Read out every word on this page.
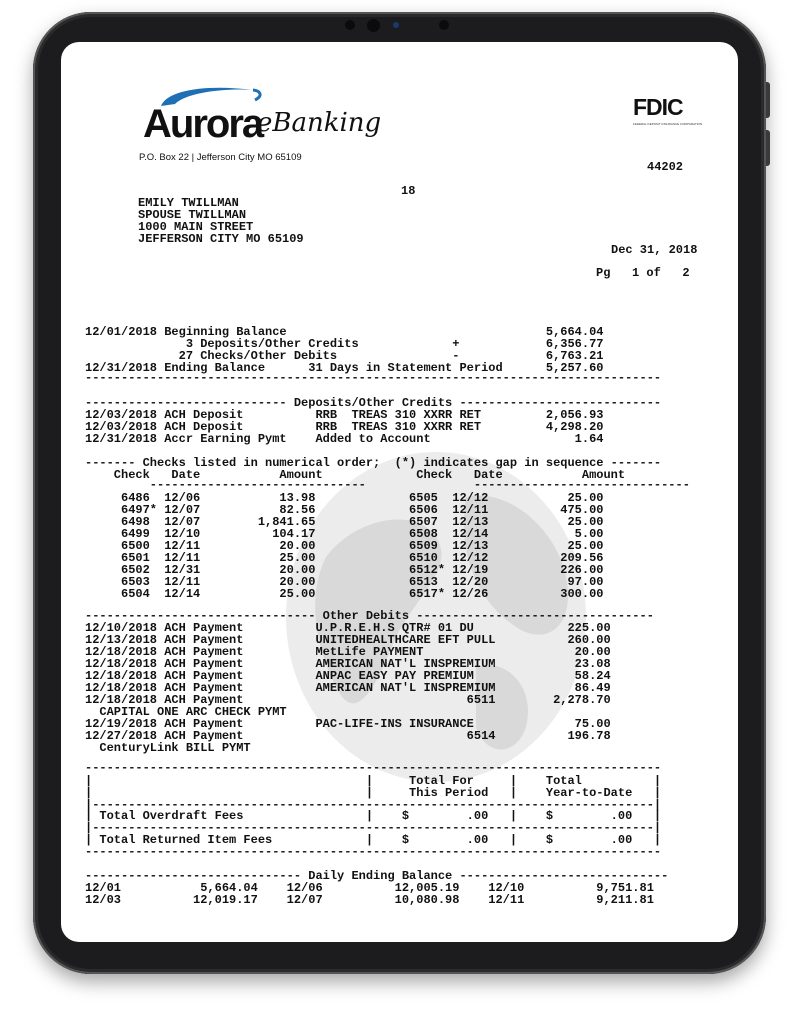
Aurora
eBanking
P.O. Box 22 | Jefferson City MO 65109
FDIC
FEDERAL DEPOSIT INSURANCE CORPORATION
44202
18
EMILY TWILLMAN
SPOUSE TWILLMAN
1000 MAIN STREET
JEFFERSON CITY MO 65109
Dec 31, 2018
Pg   1 of   2
12/01/2018 Beginning Balance                                    5,664.04
3 Deposits/Other Credits             +            6,356.77
27 Checks/Other Debits                -            6,763.21
12/31/2018 Ending Balance      31 Days in Statement Period      5,257.60
--------------------------------------------------------------------------------
---------------------------- Deposits/Other Credits ----------------------------
12/03/2018 ACH Deposit          RRB  TREAS 310 XXRR RET         2,056.93
12/03/2018 ACH Deposit          RRB  TREAS 310 XXRR RET         4,298.20
12/31/2018 Accr Earning Pymt    Added to Account                    1.64
------- Checks listed in numerical order;  (*) indicates gap in sequence -------
Check   Date           Amount             Check   Date           Amount
------------------------------               ------------------------------
6486  12/06           13.98             6505  12/12           25.00
6497* 12/07           82.56             6506  12/11          475.00
6498  12/07        1,841.65             6507  12/13           25.00
6499  12/10          104.17             6508  12/14            5.00
6500  12/11           20.00             6509  12/13           25.00
6501  12/11           25.00             6510  12/12          209.56
6502  12/31           20.00             6512* 12/19          226.00
6503  12/11           20.00             6513  12/20           97.00
6504  12/14           25.00             6517* 12/26          300.00
-------------------------------- Other Debits ---------------------------------
12/10/2018 ACH Payment          U.P.R.E.H.S QTR# 01 DU             225.00
12/13/2018 ACH Payment          UNITEDHEALTHCARE EFT PULL          260.00
12/18/2018 ACH Payment          MetLife PAYMENT                     20.00
12/18/2018 ACH Payment          AMERICAN NAT'L INSPREMIUM           23.08
12/18/2018 ACH Payment          ANPAC EASY PAY PREMIUM              58.24
12/18/2018 ACH Payment          AMERICAN NAT'L INSPREMIUM           86.49
12/18/2018 ACH Payment                               6511        2,278.70
CAPITAL ONE ARC CHECK PYMT
12/19/2018 ACH Payment          PAC-LIFE-INS INSURANCE              75.00
12/27/2018 ACH Payment                               6514          196.78
CenturyLink BILL PYMT
--------------------------------------------------------------------------------
|                                      |     Total For     |    Total          |
|                                      |     This Period   |    Year-to-Date   |
|------------------------------------------------------------------------------|
| Total Overdraft Fees                 |    $        .00   |    $        .00   |
|------------------------------------------------------------------------------|
| Total Returned Item Fees             |    $        .00   |    $        .00   |
--------------------------------------------------------------------------------
------------------------------ Daily Ending Balance -----------------------------
12/01           5,664.04    12/06          12,005.19    12/10          9,751.81
12/03          12,019.17    12/07          10,080.98    12/11          9,211.81
